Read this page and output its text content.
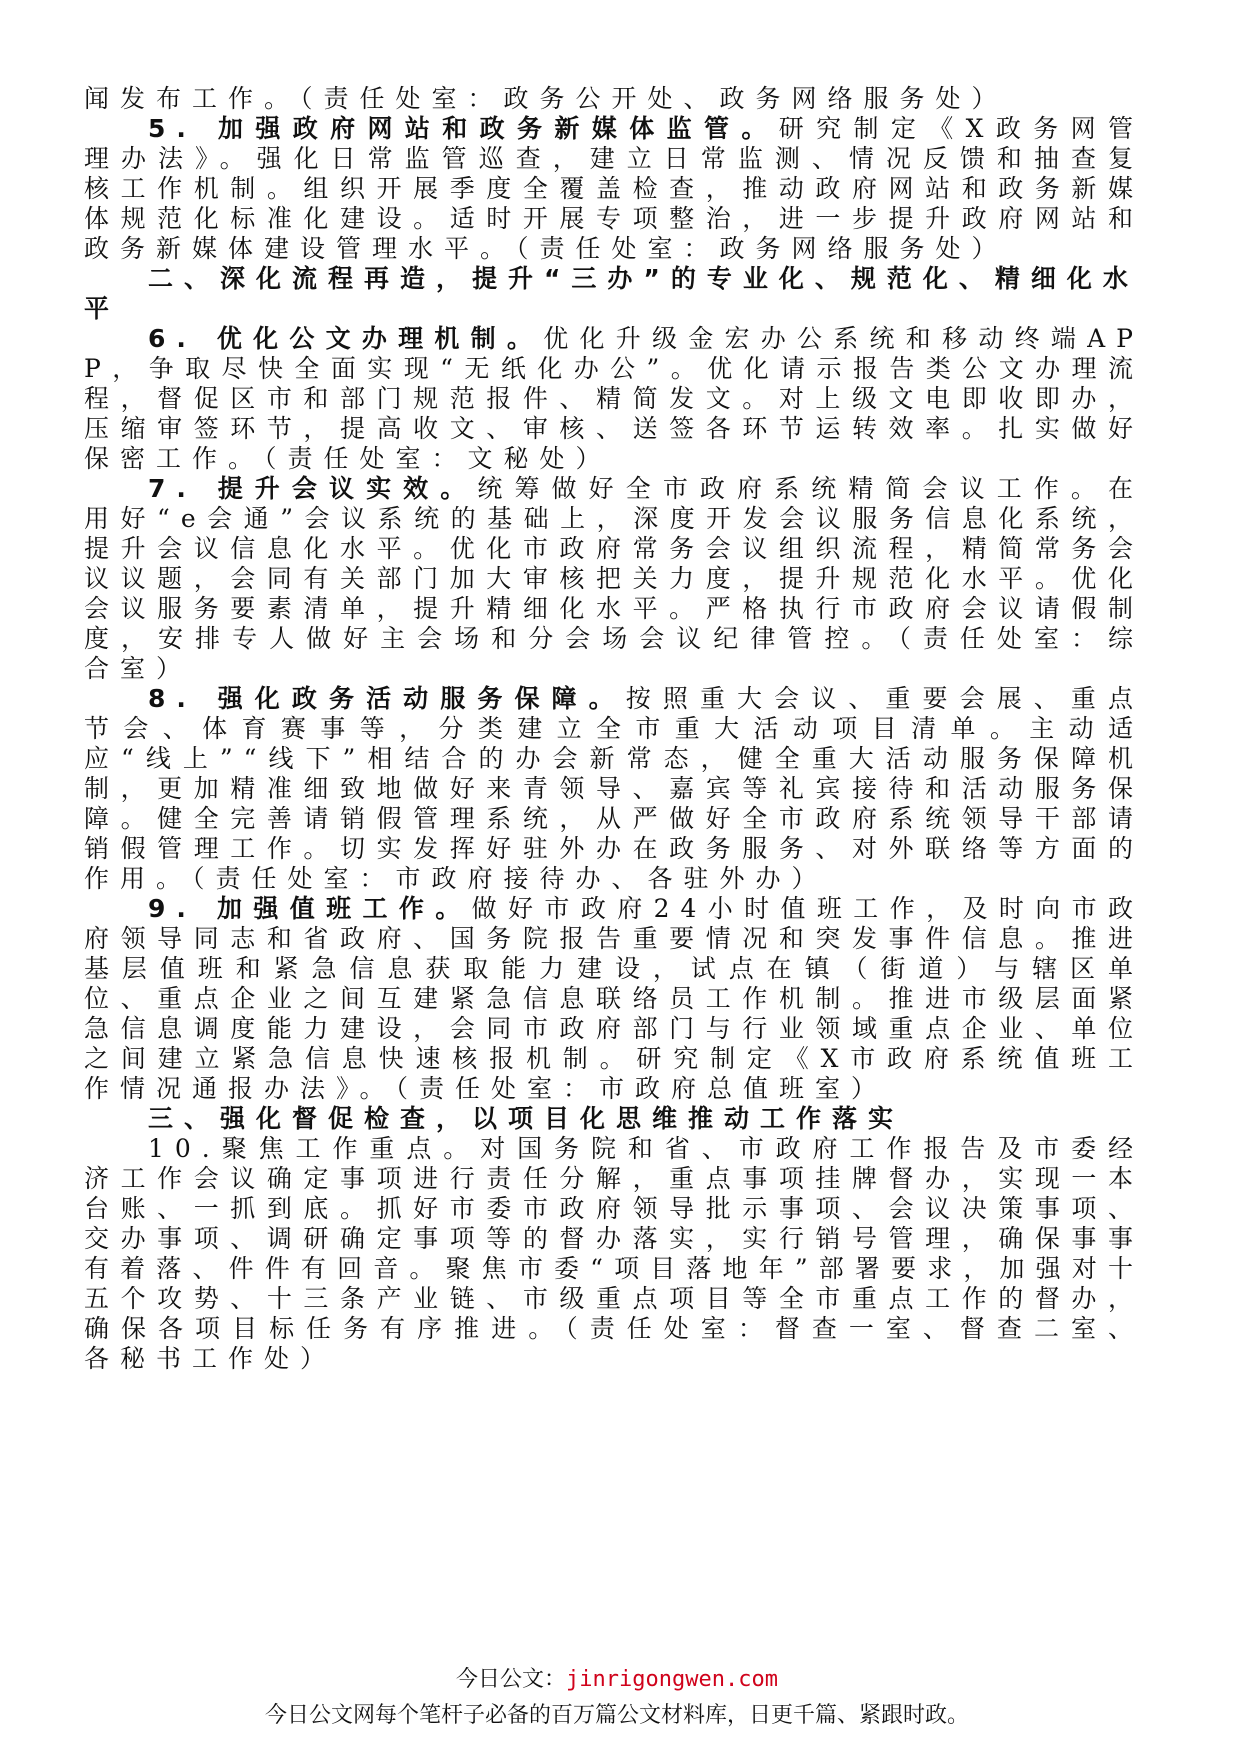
闻发布工作。（责任处室：政务公开处、政务网络服务处）

5. 加强政府网站和政务新媒体监管。研究制定《X政务网管理办法》。强化日常监管巡查，建立日常监测、情况反馈和抽查复核工作机制。组织开展季度全覆盖检查，推动政府网站和政务新媒体规范化标准化建设。适时开展专项整治，进一步提升政府网站和政务新媒体建设管理水平。（责任处室：政务网络服务处）

二、深化流程再造，提升“三办”的专业化、规范化、精细化水平

6. 优化公文办理机制。优化升级金宏办公系统和移动终端APP，争取尽快全面实现“无纸化办公”。优化请示报告类公文办理流程，督促区市和部门规范报件、精简发文。对上级文电即收即办，压缩审签环节，提高收文、审核、送签各环节运转效率。扎实做好保密工作。（责任处室：文秘处）

7. 提升会议实效。统筹做好全市政府系统精简会议工作。在用好“e会通”会议系统的基础上，深度开发会议服务信息化系统，提升会议信息化水平。优化市政府常务会议组织流程，精简常务会议议题，会同有关部门加大审核把关力度，提升规范化水平。优化会议服务要素清单，提升精细化水平。严格执行市政府会议请假制度，安排专人做好主会场和分会场会议纪律管控。（责任处室：综合室）

8. 强化政务活动服务保障。按照重大会议、重要会展、重点节会、体育赛事等，分类建立全市重大活动项目清单。主动适应“线上”“线下”相结合的办会新常态，健全重大活动服务保障机制，更加精准细致地做好来青领导、嘉宾等礼宾接待和活动服务保障。健全完善请销假管理系统，从严做好全市政府系统领导干部请销假管理工作。切实发挥好驻外办在政务服务、对外联络等方面的作用。（责任处室：市政府接待办、各驻外办）

9. 加强值班工作。做好市政府24小时值班工作，及时向市政府领导同志和省政府、国务院报告重要情况和突发事件信息。推进基层值班和紧急信息获取能力建设，试点在镇（街道）与辖区单位、重点企业之间互建紧急信息联络员工作机制。推进市级层面紧急信息调度能力建设，会同市政府部门与行业领域重点企业、单位之间建立紧急信息快速核报机制。研究制定《X市政府系统值班工作情况通报办法》。（责任处室：市政府总值班室）

三、强化督促检查，以项目化思维推动工作落实

10.聚焦工作重点。对国务院和省、市政府工作报告及市委经济工作会议确定事项进行责任分解，重点事项挂牌督办，实现一本台账、一抓到底。抓好市委市政府领导批示事项、会议决策事项、交办事项、调研确定事项等的督办落实，实行销号管理，确保事事有着落、件件有回音。聚焦市委“项目落地年”部署要求，加强对十五个攻势、十三条产业链、市级重点项目等全市重点工作的督办，确保各项目标任务有序推进。（责任处室：督查一室、督查二室、各秘书工作处）

今日公文：jinrigongwen.com
今日公文网每个笔杆子必备的百万篇公文材料库，日更千篇、紧跟时政。
